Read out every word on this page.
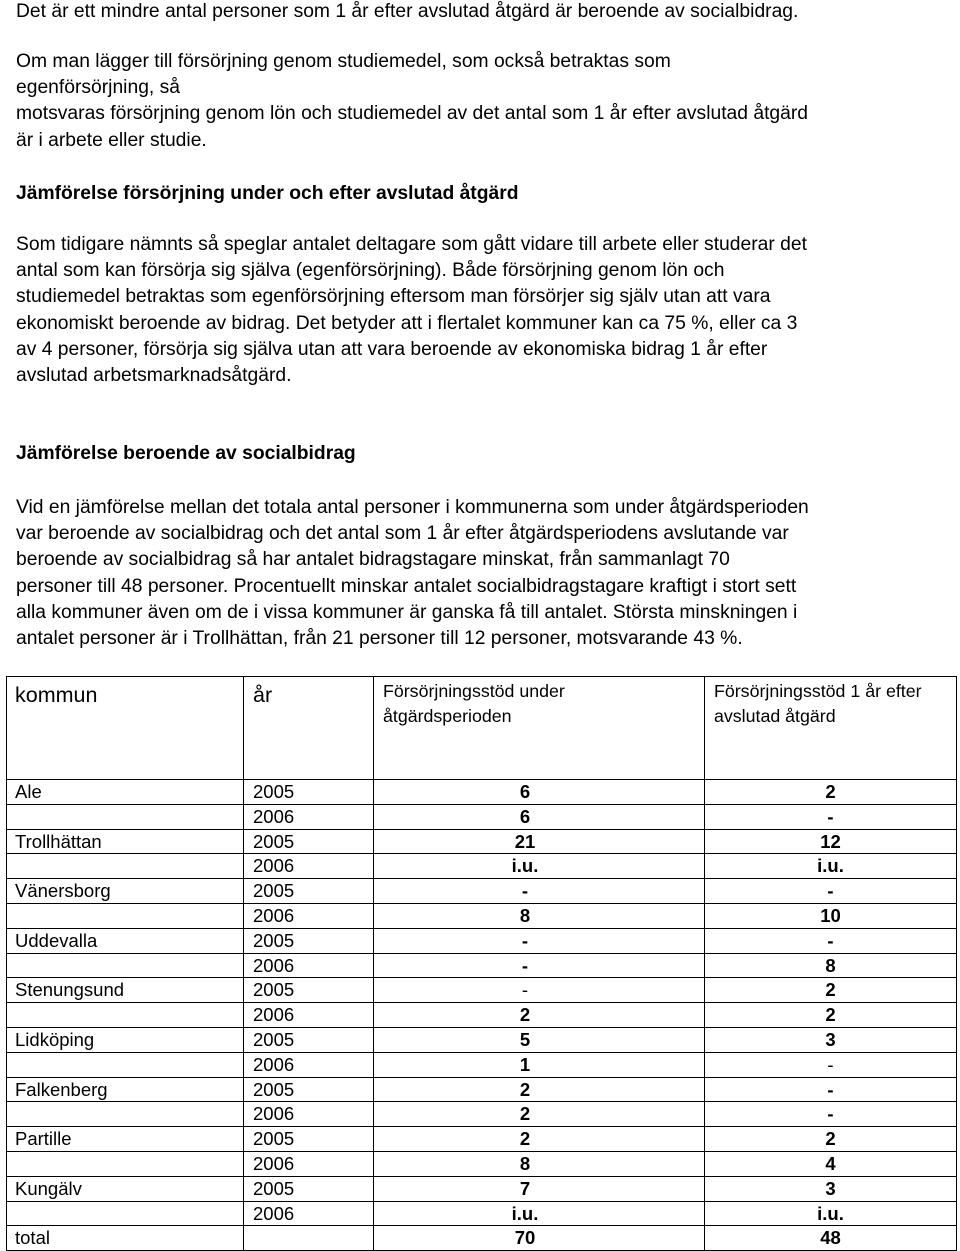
Det är ett mindre antal personer som 1 år efter avslutad åtgärd är beroende av socialbidrag.

Om man lägger till försörjning genom studiemedel, som också betraktas som
egenförsörjning, så
motsvaras försörjning genom lön och studiemedel av det antal som 1 år efter avslutad åtgärd
är i arbete eller studie.

Jämförelse försörjning under och efter avslutad åtgärd

Som tidigare nämnts så speglar antalet deltagare som gått vidare till arbete eller studerar det
antal som kan försörja sig själva (egenförsörjning). Både försörjning genom lön och
studiemedel betraktas som egenförsörjning eftersom man försörjer sig själv utan att vara
ekonomiskt beroende av bidrag. Det betyder att i flertalet kommuner kan ca 75 %, eller ca 3
av 4 personer, försörja sig själva utan att vara beroende av ekonomiska bidrag 1 år efter
avslutad arbetsmarknadsåtgärd.

Jämförelse beroende av socialbidrag

Vid en jämförelse mellan det totala antal personer i kommunerna som under åtgärdsperioden
var beroende av socialbidrag och det antal som 1 år efter åtgärdsperiodens avslutande var
beroende av socialbidrag så har antalet bidragstagare minskat, från sammanlagt 70
personer till 48 personer. Procentuellt minskar antalet socialbidragstagare kraftigt i stort sett
alla kommuner även om de i vissa kommuner är ganska få till antalet. Största minskningen i
antalet personer är i Trollhättan, från 21 personer till 12 personer, motsvarande 43 %.

kommun	år	Försörjningsstöd under åtgärdsperioden	Försörjningsstöd 1 år efter avslutad åtgärd
Ale	2005	6	2
	2006	6	-
Trollhättan	2005	21	12
	2006	i.u.	i.u.
Vänersborg	2005	-	-
	2006	8	10
Uddevalla	2005	-	-
	2006	-	8
Stenungsund	2005	-	2
	2006	2	2
Lidköping	2005	5	3
	2006	1	-
Falkenberg	2005	2	-
	2006	2	-
Partille	2005	2	2
	2006	8	4
Kungälv	2005	7	3
	2006	i.u.	i.u.
total		70	48
